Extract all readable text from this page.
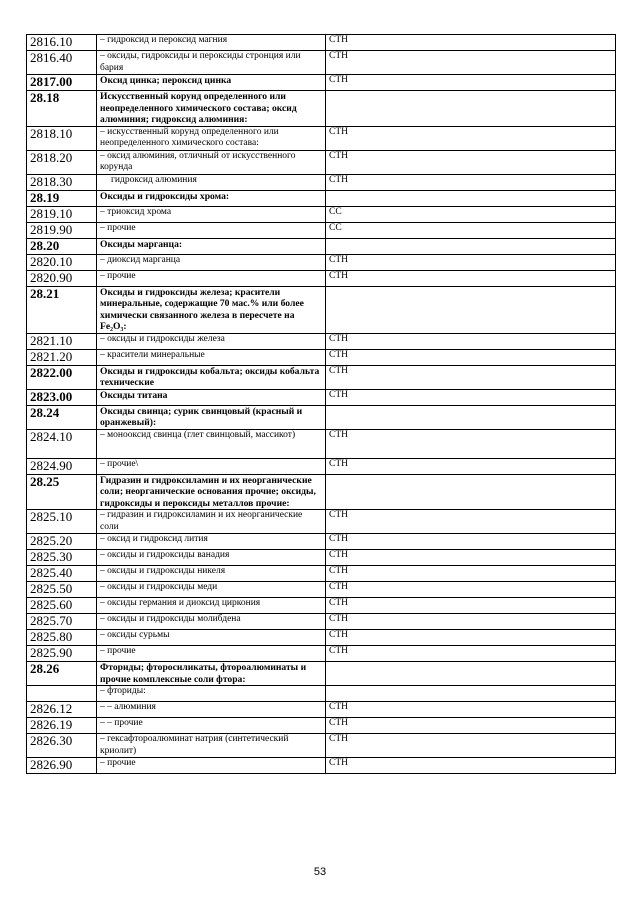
2816.10	– гидроксид и пероксид магния	СТН
2816.40	– оксиды, гидроксиды и пероксиды стронция или бария	СТН
2817.00	Оксид цинка; пероксид цинка	СТН
28.18	Искусственный корунд определенного или неопределенного химического состава; оксид алюминия; гидроксид алюминия:	
2818.10	– искусственный корунд определенного или неопределенного химического состава:	СТН
2818.20	– оксид алюминия, отличный от искусственного корунда	СТН
2818.30	гидроксид алюминия	СТН
28.19	Оксиды и гидроксиды хрома:	
2819.10	– триоксид хрома	СС
2819.90	– прочие	СС
28.20	Оксиды марганца:	
2820.10	– диоксид марганца	СТН
2820.90	– прочие	СТН
28.21	Оксиды и гидроксиды железа; красители минеральные, содержащие 70 мас.% или более химически связанного железа в пересчете на Fe₂O₃:	
2821.10	– оксиды и гидроксиды железа	СТН
2821.20	– красители минеральные	СТН
2822.00	Оксиды и гидроксиды кобальта; оксиды кобальта технические	СТН
2823.00	Оксиды титана	СТН
28.24	Оксиды свинца; сурик свинцовый (красный и оранжевый):	
2824.10	– монооксид свинца (глет свинцовый, массикот)	СТН
2824.90	– прочие\	СТН
28.25	Гидразин и гидроксиламин и их неорганические соли; неорганические основания прочие; оксиды, гидроксиды и пероксиды металлов прочие:	
2825.10	– гидразин и гидроксиламин и их неорганические соли	СТН
2825.20	– оксид и гидроксид лития	СТН
2825.30	– оксиды и гидроксиды ванадия	СТН
2825.40	– оксиды и гидроксиды никеля	СТН
2825.50	– оксиды и гидроксиды меди	СТН
2825.60	– оксиды германия и диоксид циркония	СТН
2825.70	– оксиды и гидроксиды молибдена	СТН
2825.80	– оксиды сурьмы	СТН
2825.90	– прочие	СТН
28.26	Фториды; фторосиликаты, фтороалюминаты и прочие комплексные соли фтора:	
	– фториды:	
2826.12	– – алюминия	СТН
2826.19	– – прочие	СТН
2826.30	– гексафтороалюминат натрия (синтетический криолит)	СТН
2826.90	– прочие	СТН
53
